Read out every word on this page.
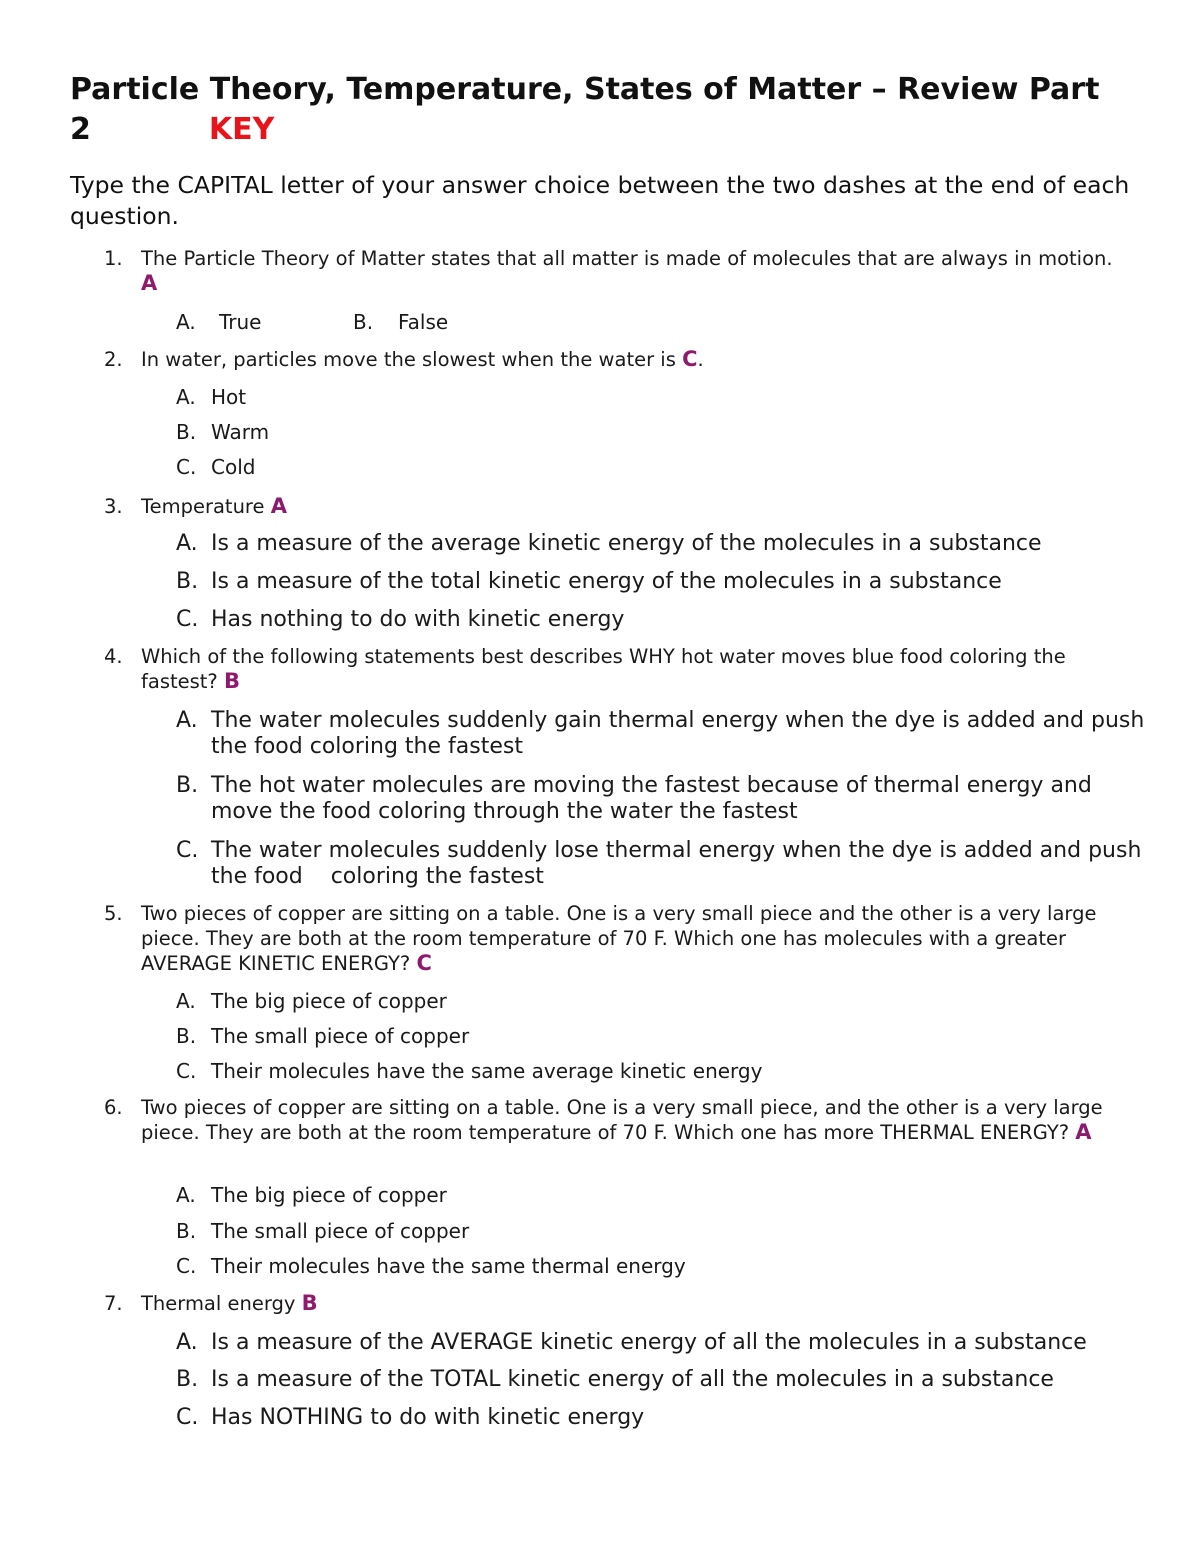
Particle Theory, Temperature, States of Matter – Review Part 2	KEY
Type the CAPITAL letter of your answer choice between the two dashes at the end of each question.
1. The Particle Theory of Matter states that all matter is made of molecules that are always in motion. A
A. True	B. False
2. In water, particles move the slowest when the water is C.
A. Hot
B. Warm
C. Cold
3. Temperature A
A. Is a measure of the average kinetic energy of the molecules in a substance
B. Is a measure of the total kinetic energy of the molecules in a substance
C. Has nothing to do with kinetic energy
4. Which of the following statements best describes WHY hot water moves blue food coloring the fastest? B
A. The water molecules suddenly gain thermal energy when the dye is added and push the food coloring the fastest
B. The hot water molecules are moving the fastest because of thermal energy and move the food coloring through the water the fastest
C. The water molecules suddenly lose thermal energy when the dye is added and push the food    coloring the fastest
5. Two pieces of copper are sitting on a table. One is a very small piece and the other is a very large piece. They are both at the room temperature of 70 F. Which one has molecules with a greater AVERAGE KINETIC ENERGY? C
A. The big piece of copper
B. The small piece of copper
C. Their molecules have the same average kinetic energy
6. Two pieces of copper are sitting on a table. One is a very small piece, and the other is a very large piece. They are both at the room temperature of 70 F. Which one has more THERMAL ENERGY? A
A. The big piece of copper
B. The small piece of copper
C. Their molecules have the same thermal energy
7. Thermal energy B
A. Is a measure of the AVERAGE kinetic energy of all the molecules in a substance
B. Is a measure of the TOTAL kinetic energy of all the molecules in a substance
C. Has NOTHING to do with kinetic energy
